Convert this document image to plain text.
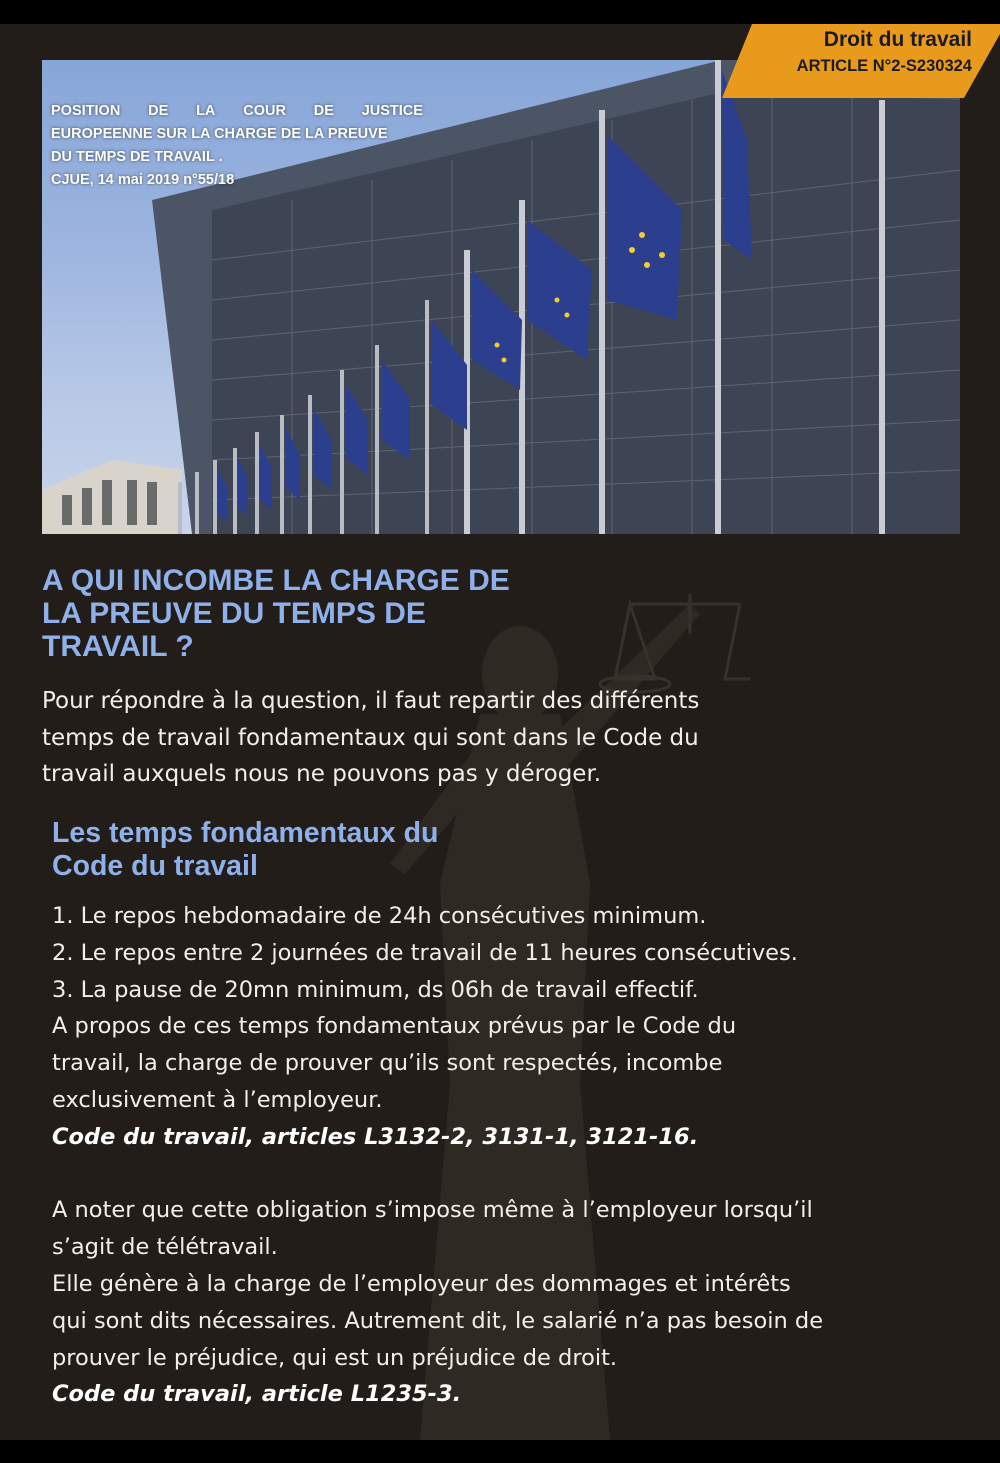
POSITION DE LA COUR DE JUSTICE
EUROPEENNE SUR LA CHARGE DE LA PREUVE
DU TEMPS DE TRAVAIL .
CJUE, 14 mai 2019 n°55/18
Droit du travail
ARTICLE N°2-S230324
A QUI INCOMBE LA CHARGE DE
LA PREUVE DU TEMPS DE
TRAVAIL ?
Pour répondre à la question, il faut repartir des différents
temps de travail fondamentaux qui sont dans le Code du
travail auxquels nous ne pouvons pas y déroger.
Les temps fondamentaux du
Code du travail
1. Le repos hebdomadaire de 24h consécutives minimum.
2. Le repos entre 2 journées de travail de 11 heures consécutives.
3. La pause de 20mn minimum, ds 06h de travail effectif.
A propos de ces temps fondamentaux prévus par le Code du
travail, la charge de prouver qu’ils sont respectés, incombe
exclusivement à l’employeur.
Code du travail, articles L3132-2, 3131-1, 3121-16.
A noter que cette obligation s’impose même à l’employeur lorsqu’il
s’agit de télétravail.
Elle génère à la charge de l’employeur des dommages et intérêts
qui sont dits nécessaires. Autrement dit, le salarié n’a pas besoin de
prouver le préjudice, qui est un préjudice de droit.
Code du travail, article L1235-3.
